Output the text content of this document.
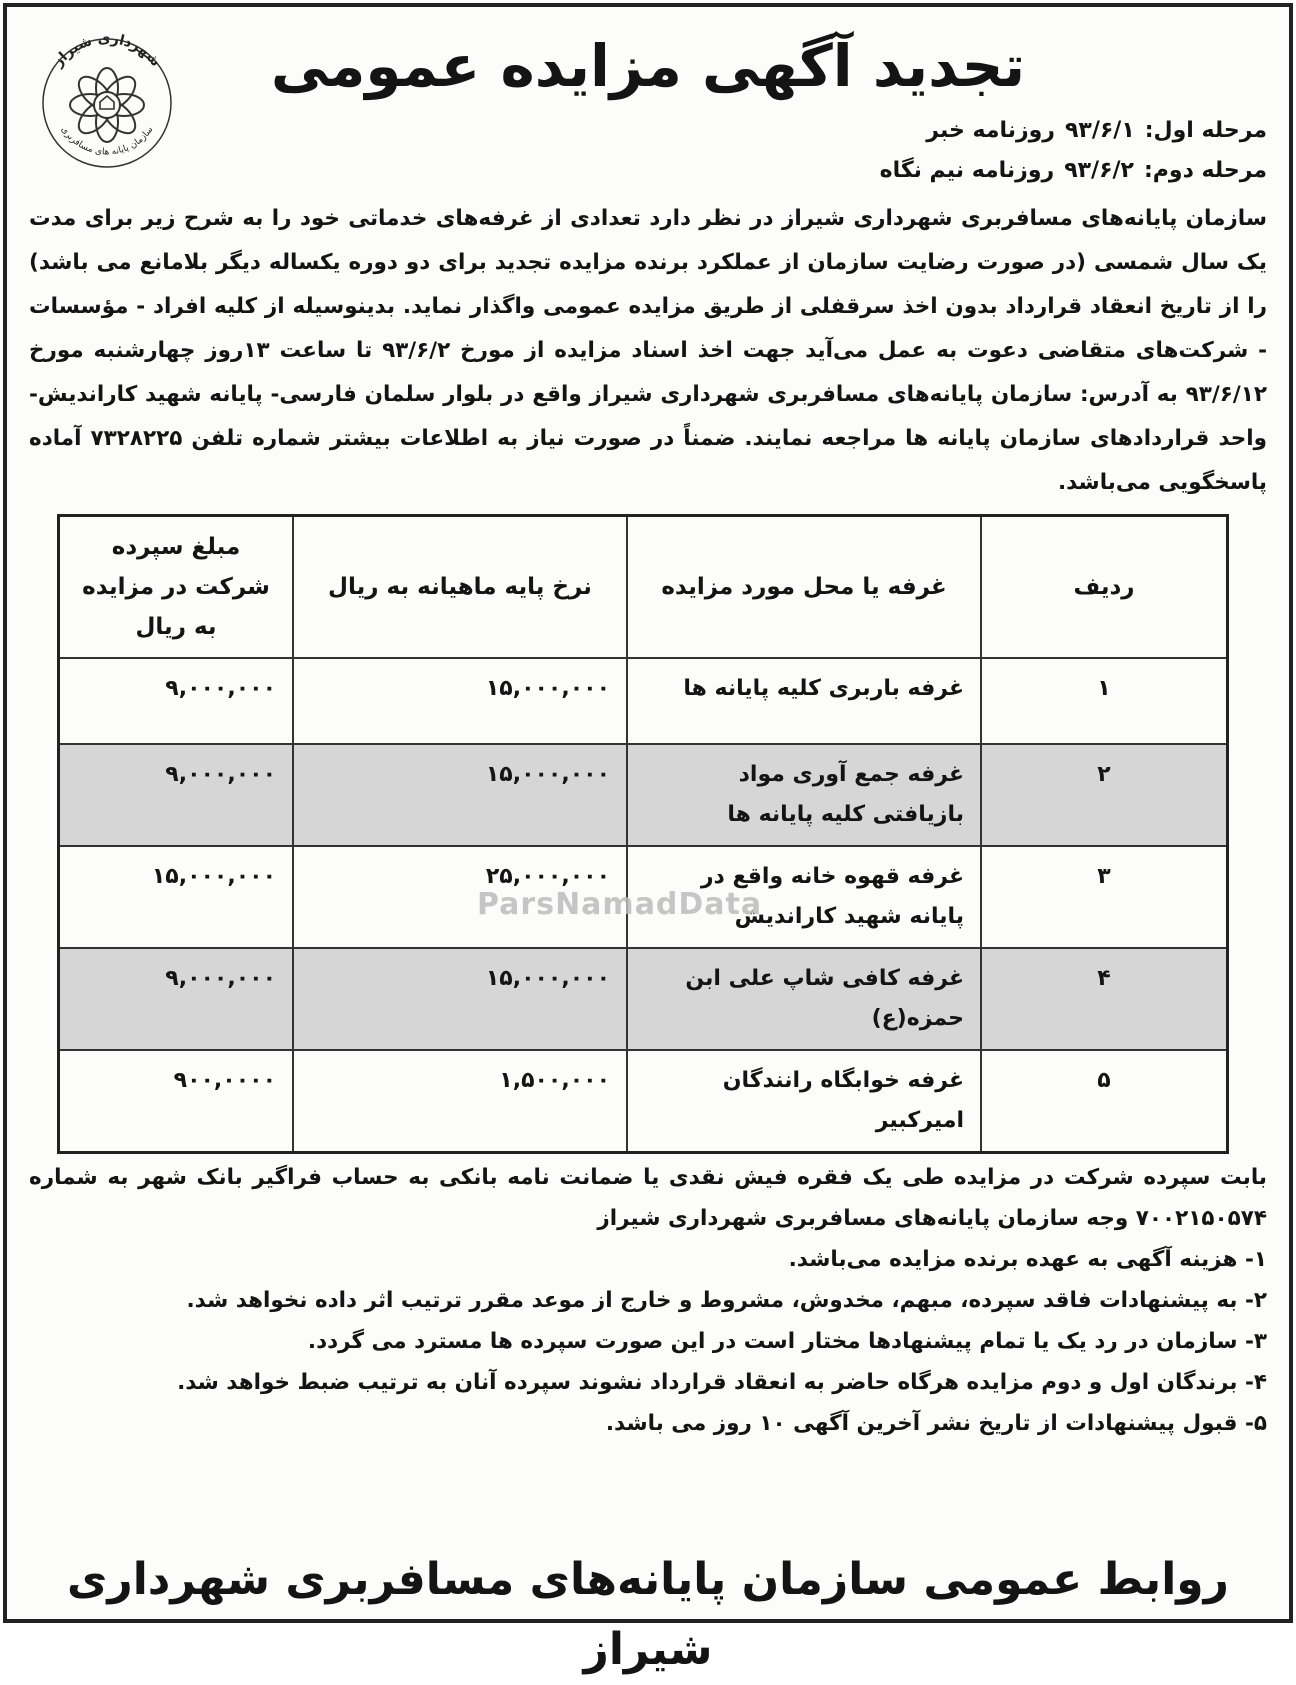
شهرداری شیراز
سازمان پایانه های مسافربری
تجدید آگهی مزایده عمومی
مرحله اول:
۹۳/۶/۱
روزنامه خبر
مرحله دوم:
۹۳/۶/۲
روزنامه نیم نگاه
سازمان پایانه‌های مسافربری شهرداری شیراز در نظر دارد تعدادی از غرفه‌های خدماتی خود را به شرح زیر برای مدت یک سال شمسی (در صورت رضایت سازمان از عملکرد برنده مزایده تجدید برای دو دوره یکساله دیگر بلامانع می باشد) را از تاریخ انعقاد قرارداد بدون اخذ سرقفلی از طریق مزایده عمومی واگذار نماید. بدینوسیله از کلیه افراد - مؤسسات - شرکت‌های متقاضی دعوت به عمل می‌آید جهت اخذ اسناد مزایده از مورخ ۹۳/۶/۲ تا ساعت ۱۳روز چهارشنبه مورخ ۹۳/۶/۱۲ به آدرس: سازمان پایانه‌های مسافربری شهرداری شیراز واقع در بلوار سلمان فارسی- پایانه شهید کاراندیش- واحد قراردادهای سازمان پایانه ها مراجعه نمایند. ضمناً در صورت نیاز به اطلاعات بیشتر شماره تلفن ۷۳۲۸۲۲۵ آماده پاسخگویی می‌باشد.
ردیف	غرفه یا محل مورد مزایده	نرخ پایه ماهیانه به ریال	مبلغ سپرده شرکت در مزایده به ریال
۱	غرفه باربری کلیه پایانه ها	۱۵,۰۰۰,۰۰۰	۹,۰۰۰,۰۰۰
۲	غرفه جمع آوری مواد بازیافتی کلیه پایانه ها	۱۵,۰۰۰,۰۰۰	۹,۰۰۰,۰۰۰
۳	غرفه قهوه خانه واقع در پایانه شهید کاراندیش	۲۵,۰۰۰,۰۰۰	۱۵,۰۰۰,۰۰۰
۴	غرفه کافی شاپ علی ابن حمزه(ع)	۱۵,۰۰۰,۰۰۰	۹,۰۰۰,۰۰۰
۵	غرفه خوابگاه رانندگان امیرکبیر	۱,۵۰۰,۰۰۰	۹۰۰,۰۰۰۰
ParsNamadData
بابت سپرده شرکت در مزایده طی یک فقره فیش نقدی یا ضمانت نامه بانکی به حساب فراگیر بانک شهر به شماره ۷۰۰۲۱۵۰۵۷۴ وجه سازمان پایانه‌های مسافربری شهرداری شیراز
۱- هزینه آگهی به عهده برنده مزایده می‌باشد.
۲- به پیشنهادات فاقد سپرده، مبهم، مخدوش، مشروط و خارج از موعد مقرر ترتیب اثر داده نخواهد شد.
۳- سازمان در رد یک یا تمام پیشنهادها مختار است در این صورت سپرده ها مسترد می گردد.
۴- برندگان اول و دوم مزایده هرگاه حاضر به انعقاد قرارداد نشوند سپرده آنان به ترتیب ضبط خواهد شد.
۵- قبول پیشنهادات از تاریخ نشر آخرین آگهی ۱۰ روز می باشد.
روابط عمومی سازمان پایانه‌های مسافربری شهرداری شیراز
